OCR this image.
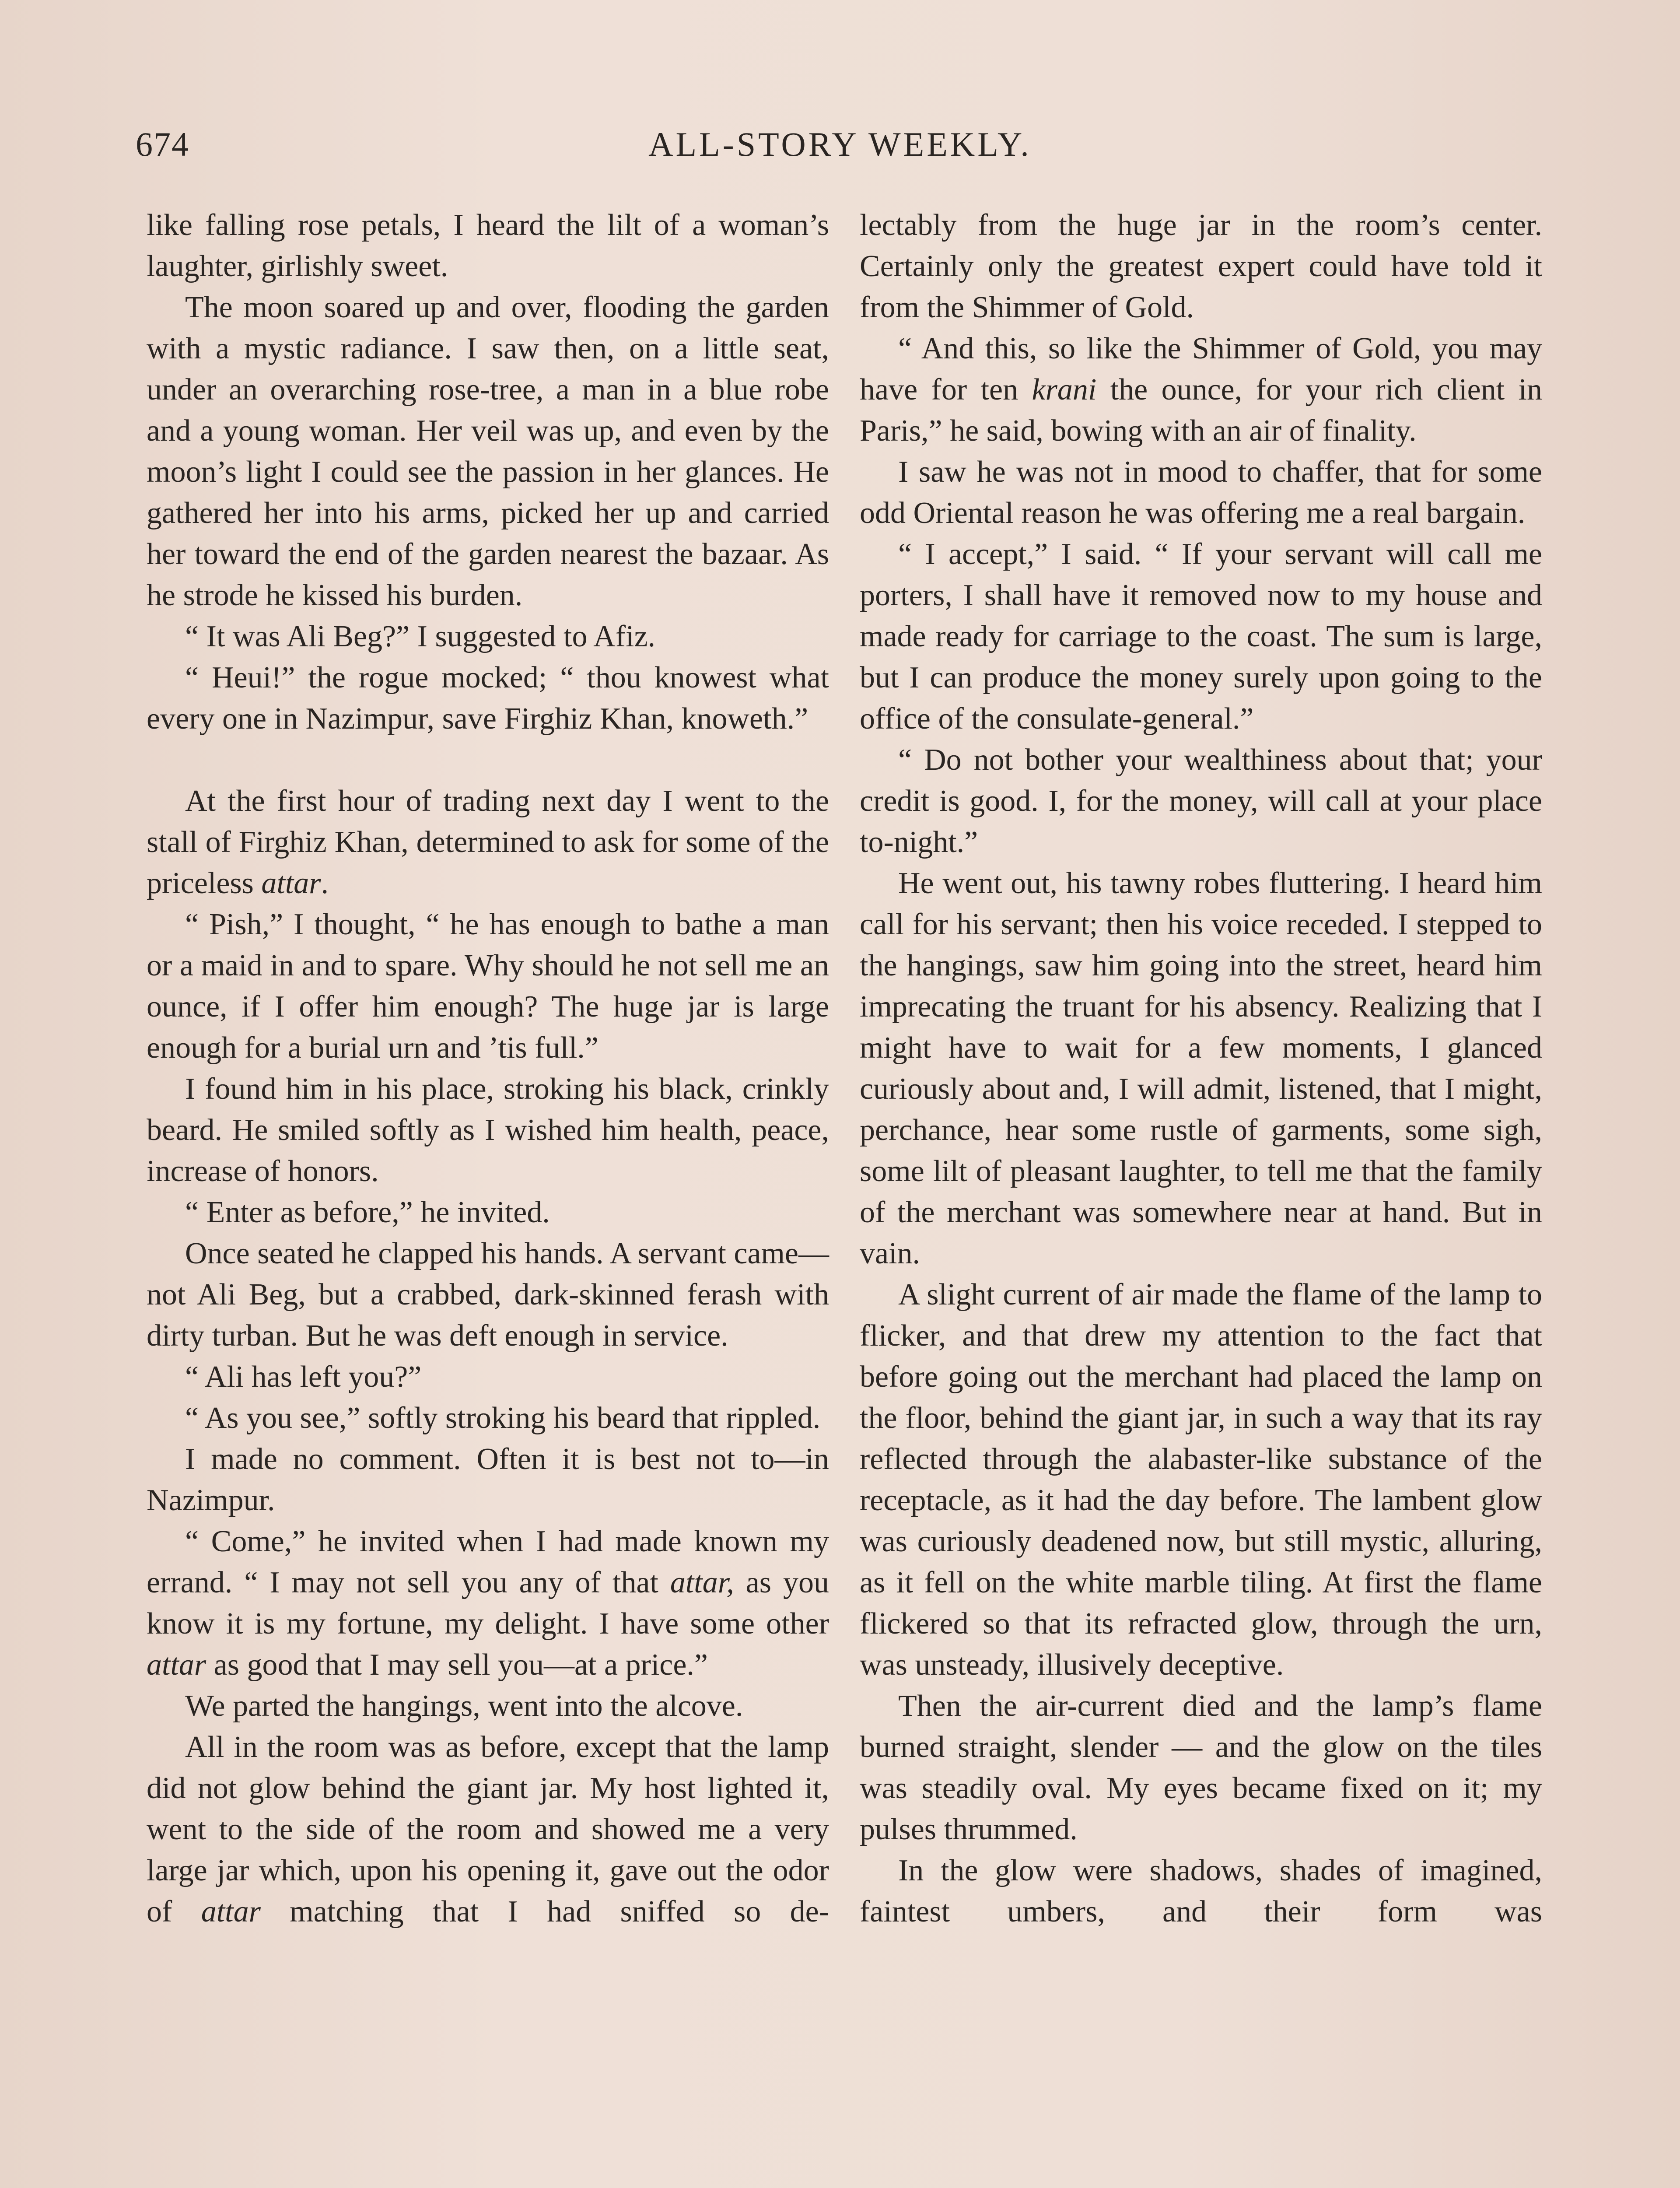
674	ALL-STORY WEEKLY.

like falling rose petals, I heard the lilt of a woman’s laughter, girlishly sweet.

The moon soared up and over, flooding the garden with a mystic radiance. I saw then, on a little seat, under an overarching rose-tree, a man in a blue robe and a young woman. Her veil was up, and even by the moon’s light I could see the passion in her glances. He gathered her into his arms, picked her up and carried her toward the end of the garden nearest the bazaar. As he strode he kissed his burden.

“ It was Ali Beg?” I suggested to Afiz.

“ Heui!” the rogue mocked; “ thou knowest what every one in Nazimpur, save Firghiz Khan, knoweth.”

At the first hour of trading next day I went to the stall of Firghiz Khan, determined to ask for some of the priceless attar.

“ Pish,” I thought, “ he has enough to bathe a man or a maid in and to spare. Why should he not sell me an ounce, if I offer him enough? The huge jar is large enough for a burial urn and ’tis full.”

I found him in his place, stroking his black, crinkly beard. He smiled softly as I wished him health, peace, increase of honors.

“ Enter as before,” he invited.

Once seated he clapped his hands. A servant came—not Ali Beg, but a crabbed, dark-skinned ferash with dirty turban. But he was deft enough in service.

“ Ali has left you?”

“ As you see,” softly stroking his beard that rippled.

I made no comment. Often it is best not to—in Nazimpur.

“ Come,” he invited when I had made known my errand. “ I may not sell you any of that attar, as you know it is my fortune, my delight. I have some other attar as good that I may sell you—at a price.”

We parted the hangings, went into the alcove.

All in the room was as before, except that the lamp did not glow behind the giant jar. My host lighted it, went to the side of the room and showed me a very large jar which, upon his opening it, gave out the odor of attar matching that I had sniffed so de-

lectably from the huge jar in the room’s center. Certainly only the greatest expert could have told it from the Shimmer of Gold.

“ And this, so like the Shimmer of Gold, you may have for ten krani the ounce, for your rich client in Paris,” he said, bowing with an air of finality.

I saw he was not in mood to chaffer, that for some odd Oriental reason he was offering me a real bargain.

“ I accept,” I said. “ If your servant will call me porters, I shall have it removed now to my house and made ready for carriage to the coast. The sum is large, but I can produce the money surely upon going to the office of the consulate-general.”

“ Do not bother your wealthiness about that; your credit is good. I, for the money, will call at your place to-night.”

He went out, his tawny robes fluttering. I heard him call for his servant; then his voice receded. I stepped to the hangings, saw him going into the street, heard him imprecating the truant for his absency. Realizing that I might have to wait for a few moments, I glanced curiously about and, I will admit, listened, that I might, perchance, hear some rustle of garments, some sigh, some lilt of pleasant laughter, to tell me that the family of the merchant was somewhere near at hand. But in vain.

A slight current of air made the flame of the lamp to flicker, and that drew my attention to the fact that before going out the merchant had placed the lamp on the floor, behind the giant jar, in such a way that its ray reflected through the alabaster-like substance of the receptacle, as it had the day before. The lambent glow was curiously deadened now, but still mystic, alluring, as it fell on the white marble tiling. At first the flame flickered so that its refracted glow, through the urn, was unsteady, illusively deceptive.

Then the air-current died and the lamp’s flame burned straight, slender — and the glow on the tiles was steadily oval. My eyes became fixed on it; my pulses thrummed.

In the glow were shadows, shades of imagined, faintest umbers, and their form was
